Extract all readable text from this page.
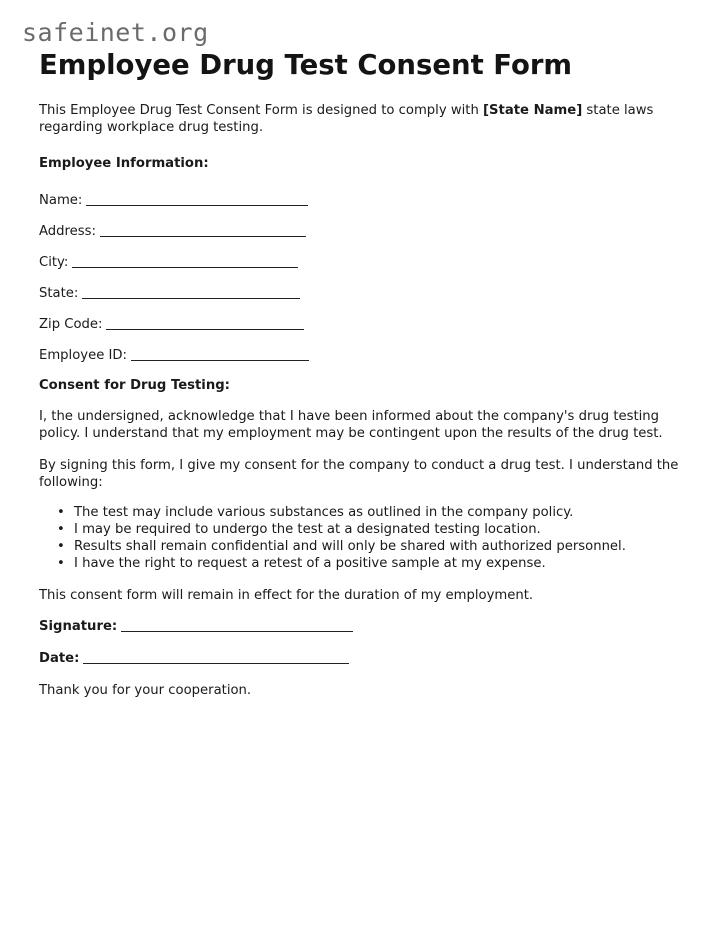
safeinet.org
Employee Drug Test Consent Form

This Employee Drug Test Consent Form is designed to comply with [State Name] state laws regarding workplace drug testing.

Employee Information:

Name:
Address:
City:
State:
Zip Code:
Employee ID:

Consent for Drug Testing:

I, the undersigned, acknowledge that I have been informed about the company's drug testing policy. I understand that my employment may be contingent upon the results of the drug test.

By signing this form, I give my consent for the company to conduct a drug test. I understand the following:

• The test may include various substances as outlined in the company policy.
• I may be required to undergo the test at a designated testing location.
• Results shall remain confidential and will only be shared with authorized personnel.
• I have the right to request a retest of a positive sample at my expense.

This consent form will remain in effect for the duration of my employment.

Signature:
Date:

Thank you for your cooperation.
